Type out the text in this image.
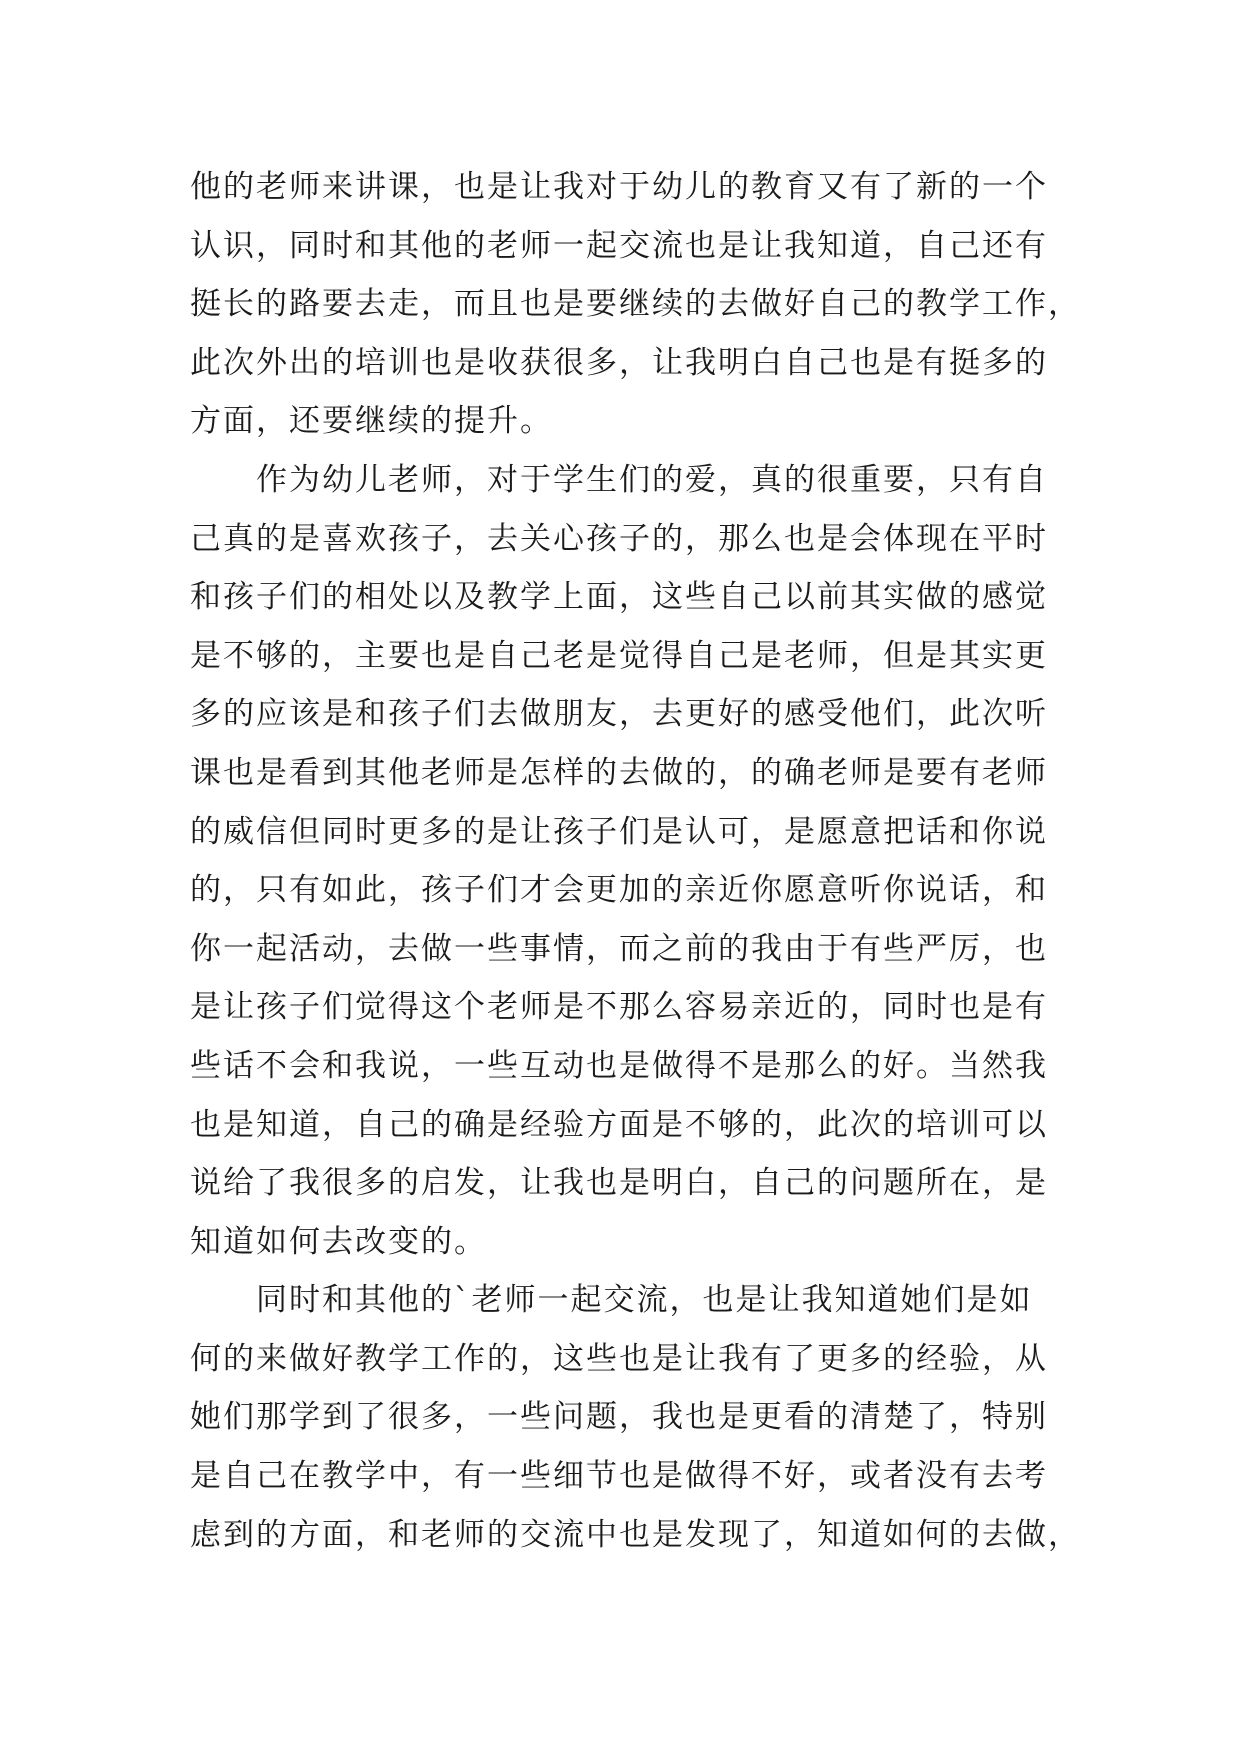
他的老师来讲课，也是让我对于幼儿的教育又有了新的一个
认识，同时和其他的老师一起交流也是让我知道，自己还有
挺长的路要去走，而且也是要继续的去做好自己的教学工作，
此次外出的培训也是收获很多，让我明白自己也是有挺多的
方面，还要继续的提升。
　　作为幼儿老师，对于学生们的爱，真的很重要，只有自
己真的是喜欢孩子，去关心孩子的，那么也是会体现在平时
和孩子们的相处以及教学上面，这些自己以前其实做的感觉
是不够的，主要也是自己老是觉得自己是老师，但是其实更
多的应该是和孩子们去做朋友，去更好的感受他们，此次听
课也是看到其他老师是怎样的去做的，的确老师是要有老师
的威信但同时更多的是让孩子们是认可，是愿意把话和你说
的，只有如此，孩子们才会更加的亲近你愿意听你说话，和
你一起活动，去做一些事情，而之前的我由于有些严厉，也
是让孩子们觉得这个老师是不那么容易亲近的，同时也是有
些话不会和我说，一些互动也是做得不是那么的好。当然我
也是知道，自己的确是经验方面是不够的，此次的培训可以
说给了我很多的启发，让我也是明白，自己的问题所在，是
知道如何去改变的。
　　同时和其他的`老师一起交流，也是让我知道她们是如
何的来做好教学工作的，这些也是让我有了更多的经验，从
她们那学到了很多，一些问题，我也是更看的清楚了，特别
是自己在教学中，有一些细节也是做得不好，或者没有去考
虑到的方面，和老师的交流中也是发现了，知道如何的去做，
